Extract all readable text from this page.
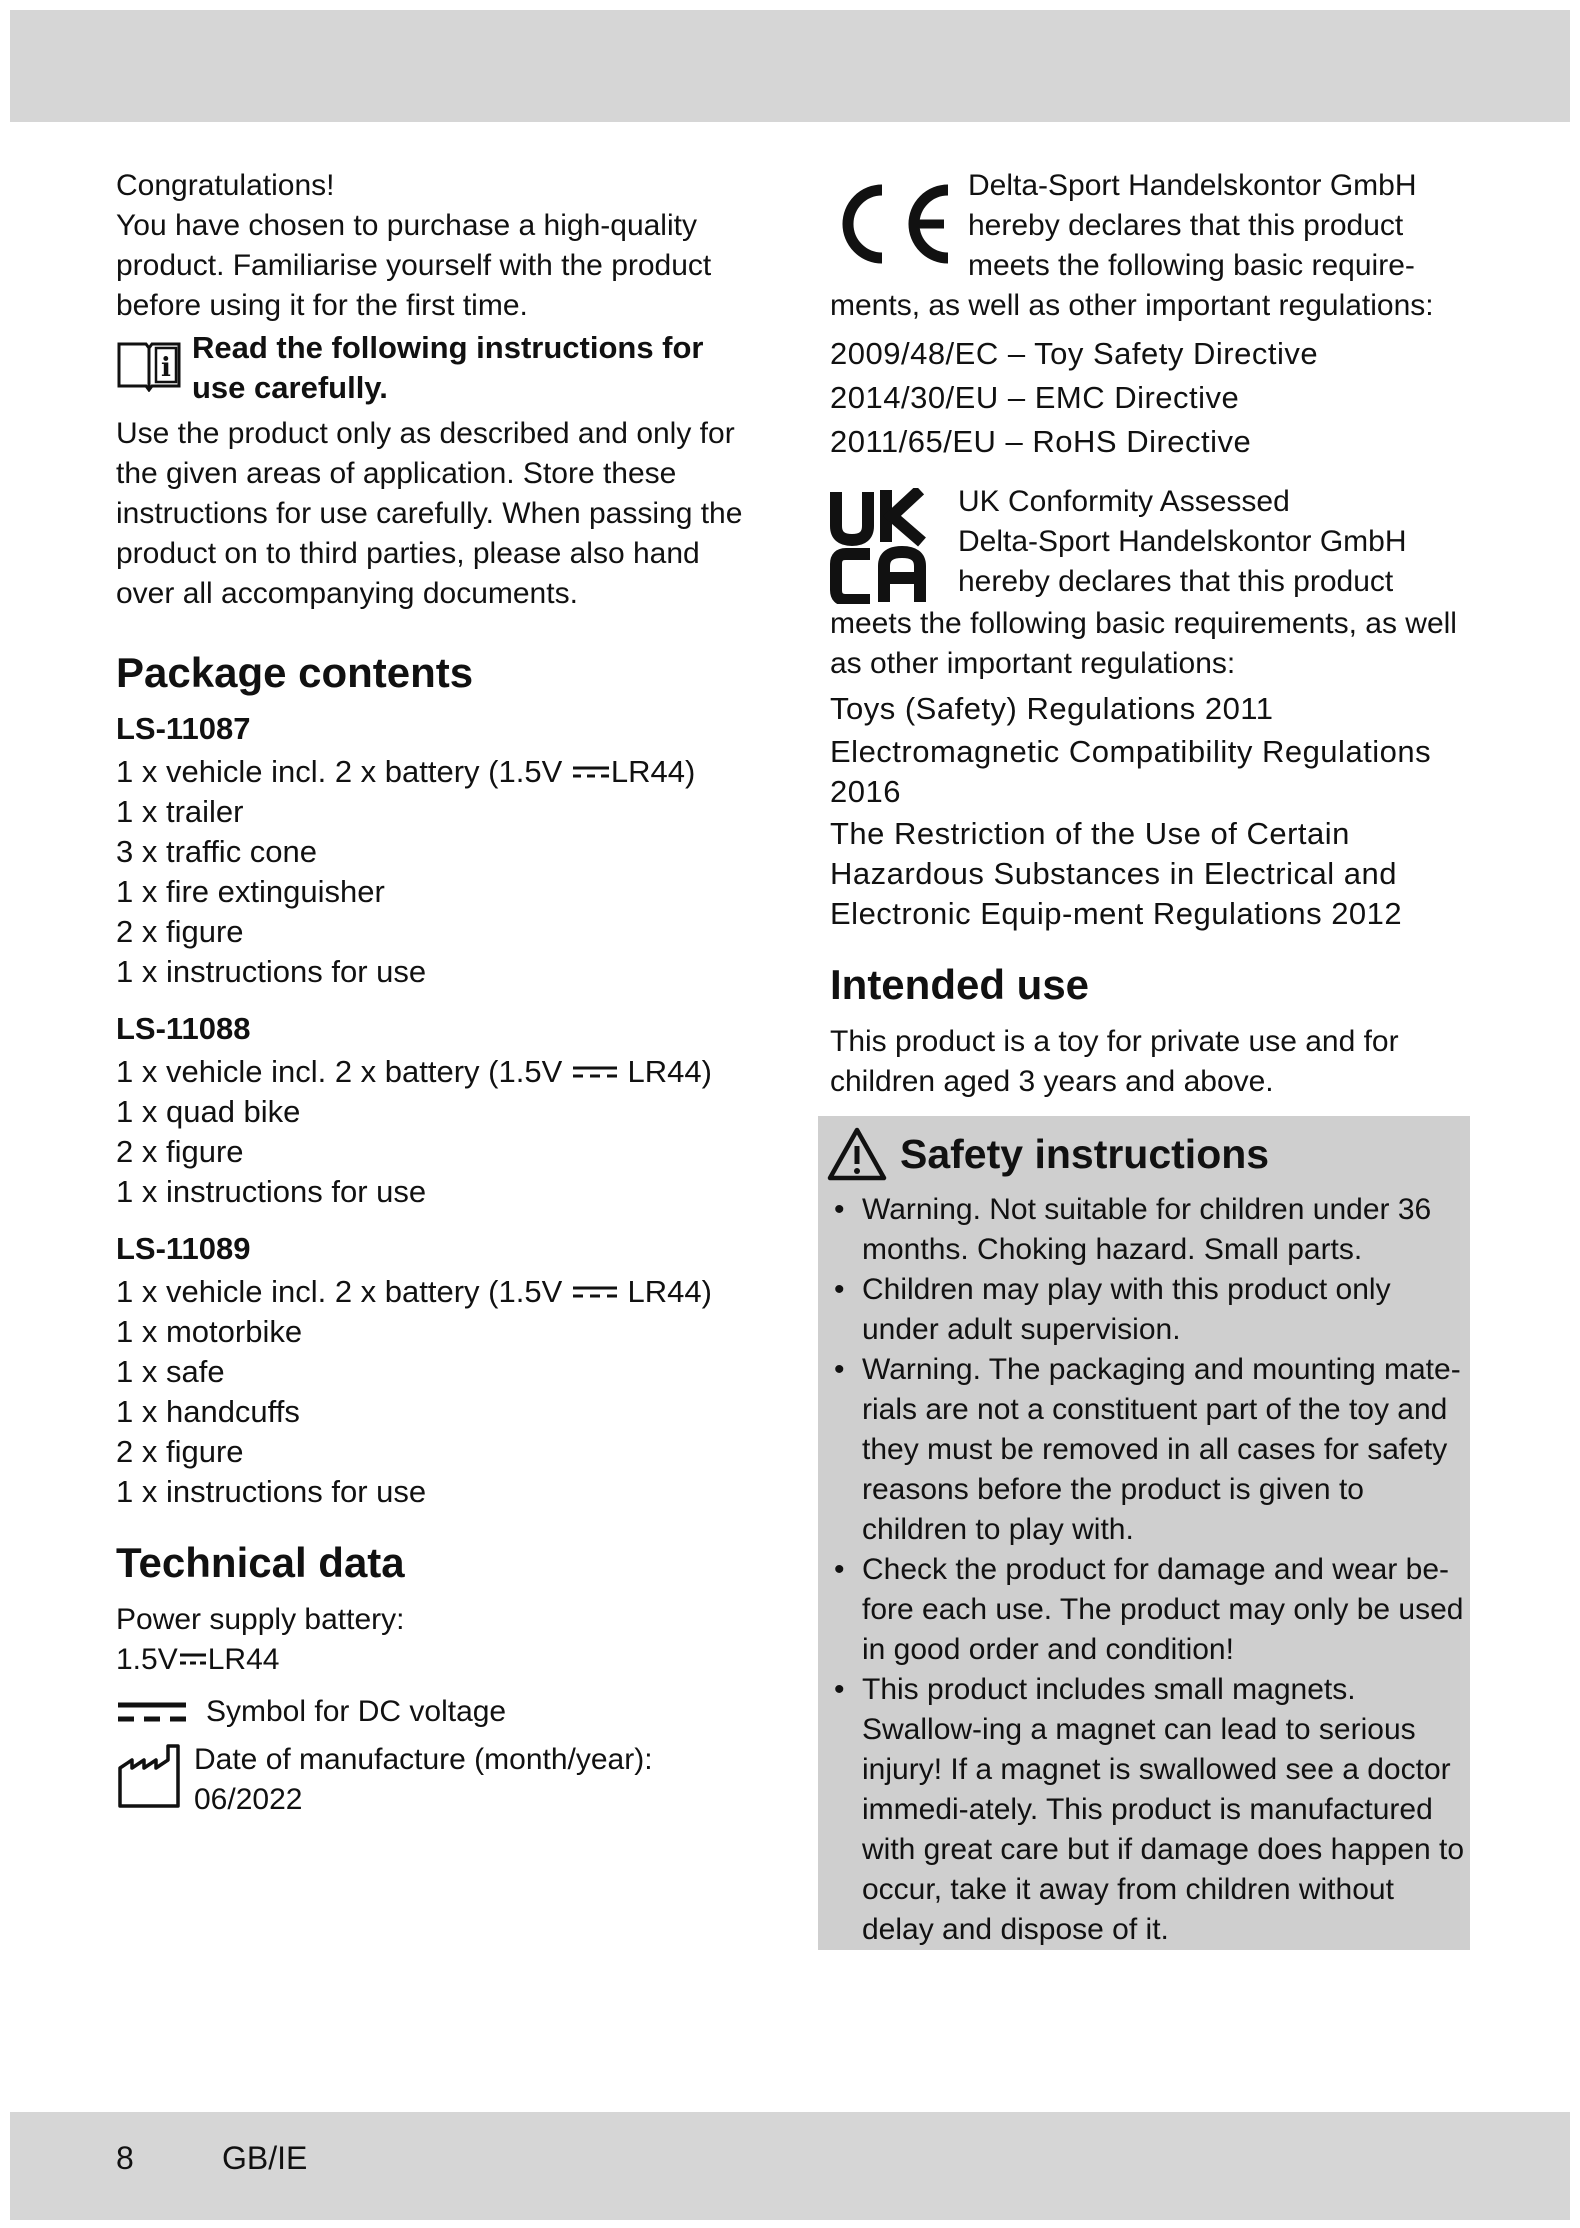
Congratulations!

You have chosen to purchase a high-quality product. Familiarise yourself with the product before using it for the first time.

i
Read the following instructions for use carefully.

Use the product only as described and only for the given areas of application. Store these instructions for use carefully. When passing the product on to third parties, please also hand over all accompanying documents.

Package contents
LS-11087

1 x vehicle incl. 2 x battery (1.5V LR44)

1 x trailer

3 x traffic cone

1 x fire extinguisher

2 x figure

1 x instructions for use

LS-11088

1 x vehicle incl. 2 x battery (1.5V LR44)

1 x quad bike

2 x figure

1 x instructions for use

LS-11089

1 x vehicle incl. 2 x battery (1.5V LR44)

1 x motorbike

1 x safe

1 x handcuffs

2 x figure

1 x instructions for use

Technical data

Power supply battery:

1.5V LR44

Symbol for DC voltage

Date of manufacture (month/year):

06/2022

Delta-Sport Handelskontor GmbH

hereby declares that this product

meets the following basic require-

ments, as well as other important regulations:

2009/48/EC – Toy Safety Directive

2014/30/EU – EMC Directive

2011/65/EU – RoHS Directive

UK Conformity Assessed

Delta-Sport Handelskontor GmbH

hereby declares that this product

meets the following basic requirements, as well as other important regulations:

Toys (Safety) Regulations 2011

Electromagnetic Compatibility Regulations 2016

The Restriction of the Use of Certain Hazardous Substances in Electrical and Electronic Equip-ment Regulations 2012

Intended use

This product is a toy for private use and for children aged 3 years and above.

Safety instructions
• Warning. Not suitable for children under 36 months. Choking hazard. Small parts.
• Children may play with this product only under adult supervision.
• Warning. The packaging and mounting mate-rials are not a constituent part of the toy and they must be removed in all cases for safety reasons before the product is given to children to play with.
• Check the product for damage and wear be-fore each use. The product may only be used in good order and condition!
• This product includes small magnets. Swallow-ing a magnet can lead to serious injury! If a magnet is swallowed see a doctor immedi-ately. This product is manufactured with great care but if damage does happen to occur, take it away from children without delay and dispose of it.
8	GB/IE
